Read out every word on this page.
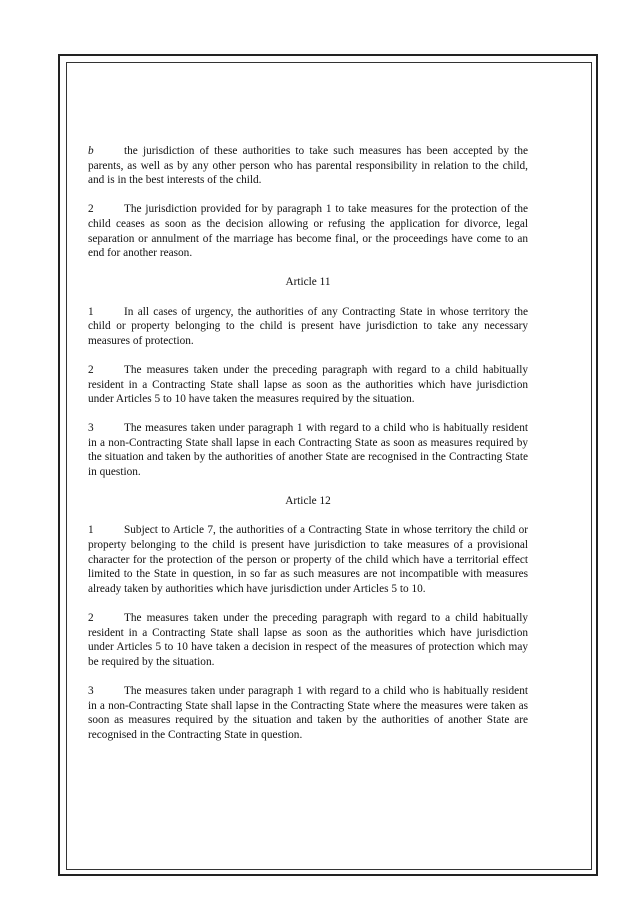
b	the jurisdiction of these authorities to take such measures has been accepted by the parents, as well as by any other person who has parental responsibility in relation to the child, and is in the best interests of the child.

2	The jurisdiction provided for by paragraph 1 to take measures for the protection of the child ceases as soon as the decision allowing or refusing the application for divorce, legal separation or annulment of the marriage has become final, or the proceedings have come to an end for another reason.

Article 11

1	In all cases of urgency, the authorities of any Contracting State in whose territory the child or property belonging to the child is present have jurisdiction to take any necessary measures of protection.

2	The measures taken under the preceding paragraph with regard to a child habitually resident in a Contracting State shall lapse as soon as the authorities which have jurisdiction under Articles 5 to 10 have taken the measures required by the situation.

3	The measures taken under paragraph 1 with regard to a child who is habitually resident in a non-Contracting State shall lapse in each Contracting State as soon as measures required by the situation and taken by the authorities of another State are recognised in the Contracting State in question.

Article 12

1	Subject to Article 7, the authorities of a Contracting State in whose territory the child or property belonging to the child is present have jurisdiction to take measures of a provisional character for the protection of the person or property of the child which have a territorial effect limited to the State in question, in so far as such measures are not incompatible with measures already taken by authorities which have jurisdiction under Articles 5 to 10.

2	The measures taken under the preceding paragraph with regard to a child habitually resident in a Contracting State shall lapse as soon as the authorities which have jurisdiction under Articles 5 to 10 have taken a decision in respect of the measures of protection which may be required by the situation.

3	The measures taken under paragraph 1 with regard to a child who is habitually resident in a non-Contracting State shall lapse in the Contracting State where the measures were taken as soon as measures required by the situation and taken by the authorities of another State are recognised in the Contracting State in question.
